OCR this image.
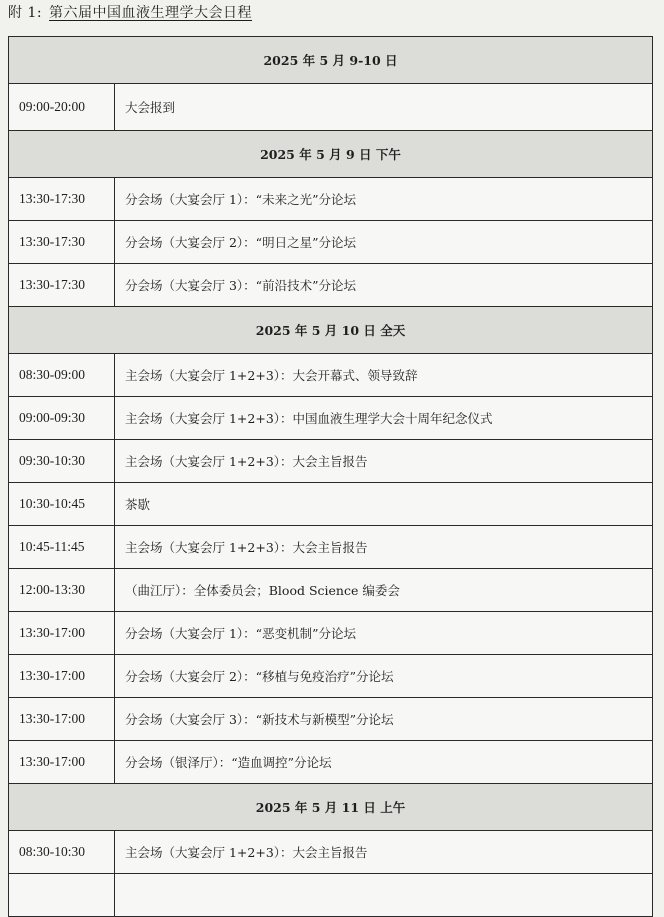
附 1: 第六届中国血液生理学大会日程
2025 年 5 月 9-10 日	
09:00-20:00	大会报到
2025 年 5 月 9 日 下午	
13:30-17:30	分会场（大宴会厅 1）：“未来之光”分论坛
13:30-17:30	分会场（大宴会厅 2）：“明日之星”分论坛
13:30-17:30	分会场（大宴会厅 3）：“前沿技术”分论坛
2025 年 5 月 10 日 全天	
08:30-09:00	主会场（大宴会厅 1+2+3）：大会开幕式、领导致辞
09:00-09:30	主会场（大宴会厅 1+2+3）：中国血液生理学大会十周年纪念仪式
09:30-10:30	主会场（大宴会厅 1+2+3）：大会主旨报告
10:30-10:45	茶歇
10:45-11:45	主会场（大宴会厅 1+2+3）：大会主旨报告
12:00-13:30	（曲江厅）：全体委员会；Blood Science 编委会
13:30-17:00	分会场（大宴会厅 1）：“恶变机制”分论坛
13:30-17:00	分会场（大宴会厅 2）：“移植与免疫治疗”分论坛
13:30-17:00	分会场（大宴会厅 3）：“新技术与新模型”分论坛
13:30-17:00	分会场（银泽厅）：“造血调控”分论坛
2025 年 5 月 11 日 上午	
08:30-10:30	主会场（大宴会厅 1+2+3）：大会主旨报告
